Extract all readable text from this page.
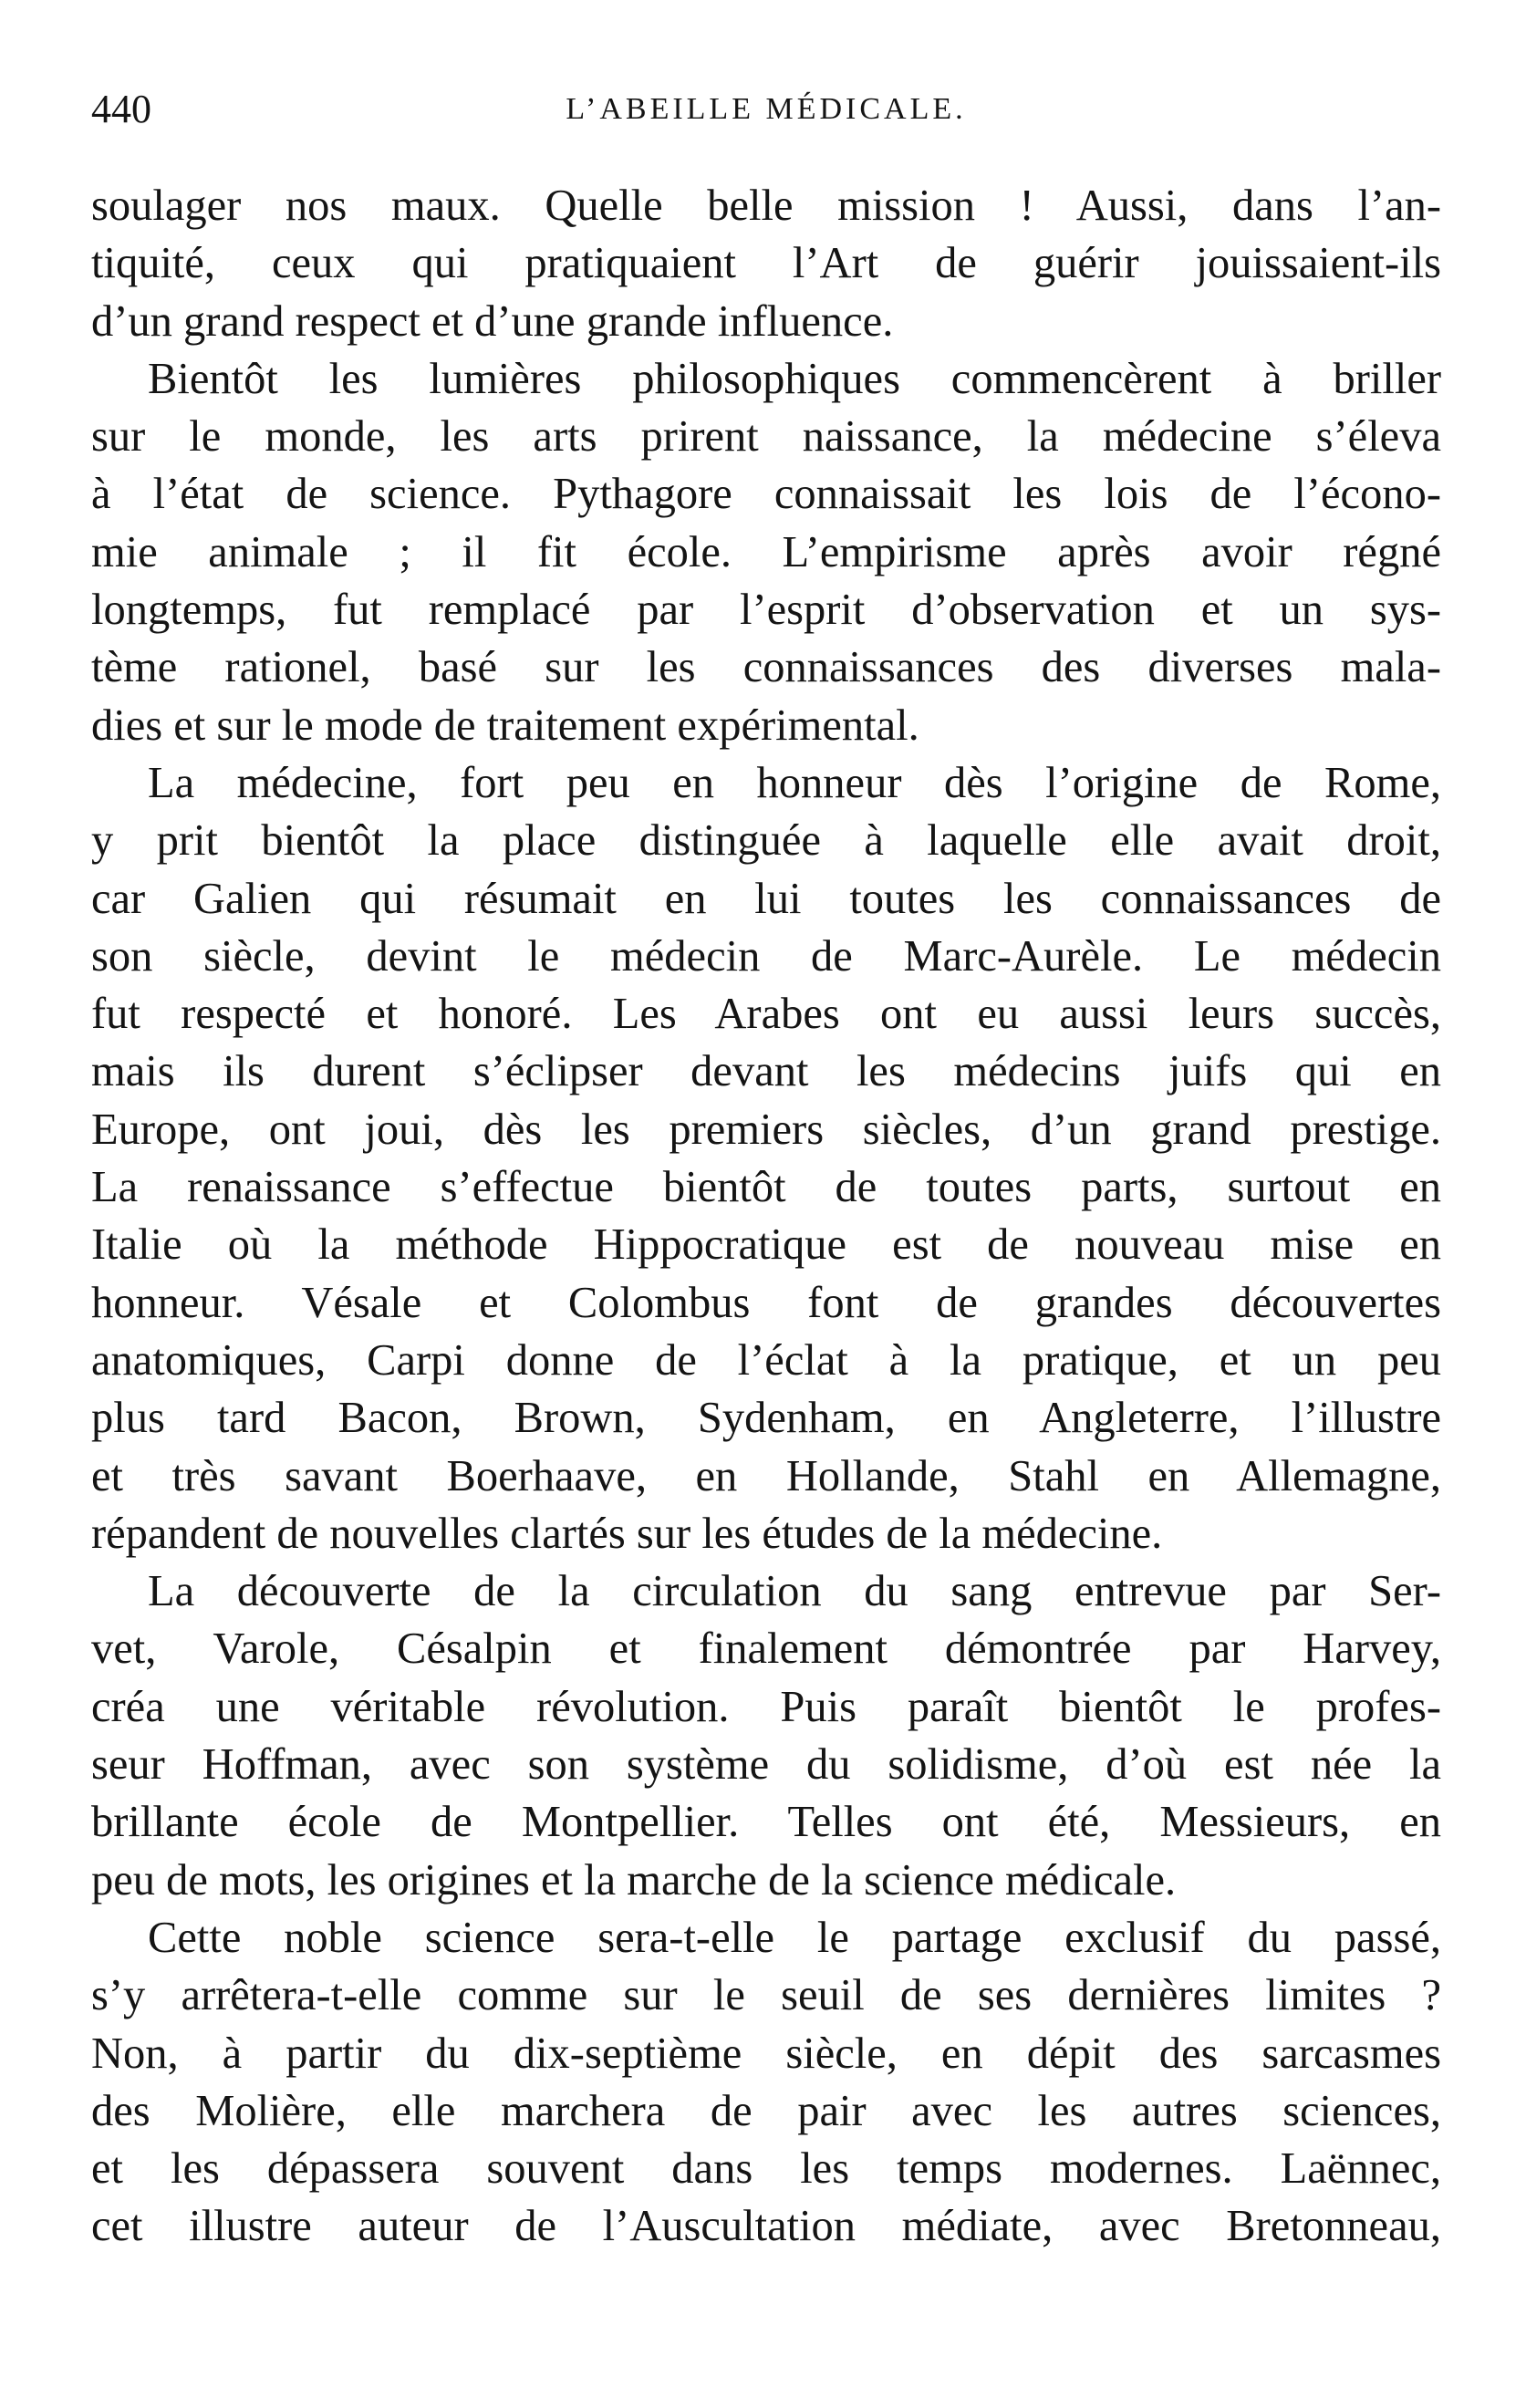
440	L’ABEILLE MÉDICALE.
soulager nos maux. Quelle belle mission ! Aussi, dans l’an-
tiquité, ceux qui pratiquaient l’Art de guérir jouissaient-ils
d’un grand respect et d’une grande influence.
Bientôt les lumières philosophiques commencèrent à briller
sur le monde, les arts prirent naissance, la médecine s’éleva
à l’état de science. Pythagore connaissait les lois de l’écono-
mie animale ; il fit école. L’empirisme après avoir régné
longtemps, fut remplacé par l’esprit d’observation et un sys-
tème rationel, basé sur les connaissances des diverses mala-
dies et sur le mode de traitement expérimental.
La médecine, fort peu en honneur dès l’origine de Rome,
y prit bientôt la place distinguée à laquelle elle avait droit,
car Galien qui résumait en lui toutes les connaissances de
son siècle, devint le médecin de Marc-Aurèle. Le médecin
fut respecté et honoré. Les Arabes ont eu aussi leurs succès,
mais ils durent s’éclipser devant les médecins juifs qui en
Europe, ont joui, dès les premiers siècles, d’un grand prestige.
La renaissance s’effectue bientôt de toutes parts, surtout en
Italie où la méthode Hippocratique est de nouveau mise en
honneur. Vésale et Colombus font de grandes découvertes
anatomiques, Carpi donne de l’éclat à la pratique, et un peu
plus tard Bacon, Brown, Sydenham, en Angleterre, l’illustre
et très savant Boerhaave, en Hollande, Stahl en Allemagne,
répandent de nouvelles clartés sur les études de la médecine.
La découverte de la circulation du sang entrevue par Ser-
vet, Varole, Césalpin et finalement démontrée par Harvey,
créa une véritable révolution. Puis paraît bientôt le profes-
seur Hoffman, avec son système du solidisme, d’où est née la
brillante école de Montpellier. Telles ont été, Messieurs, en
peu de mots, les origines et la marche de la science médicale.
Cette noble science sera-t-elle le partage exclusif du passé,
s’y arrêtera-t-elle comme sur le seuil de ses dernières limites ?
Non, à partir du dix-septième siècle, en dépit des sarcasmes
des Molière, elle marchera de pair avec les autres sciences,
et les dépassera souvent dans les temps modernes. Laënnec,
cet illustre auteur de l’Auscultation médiate, avec Bretonneau,
